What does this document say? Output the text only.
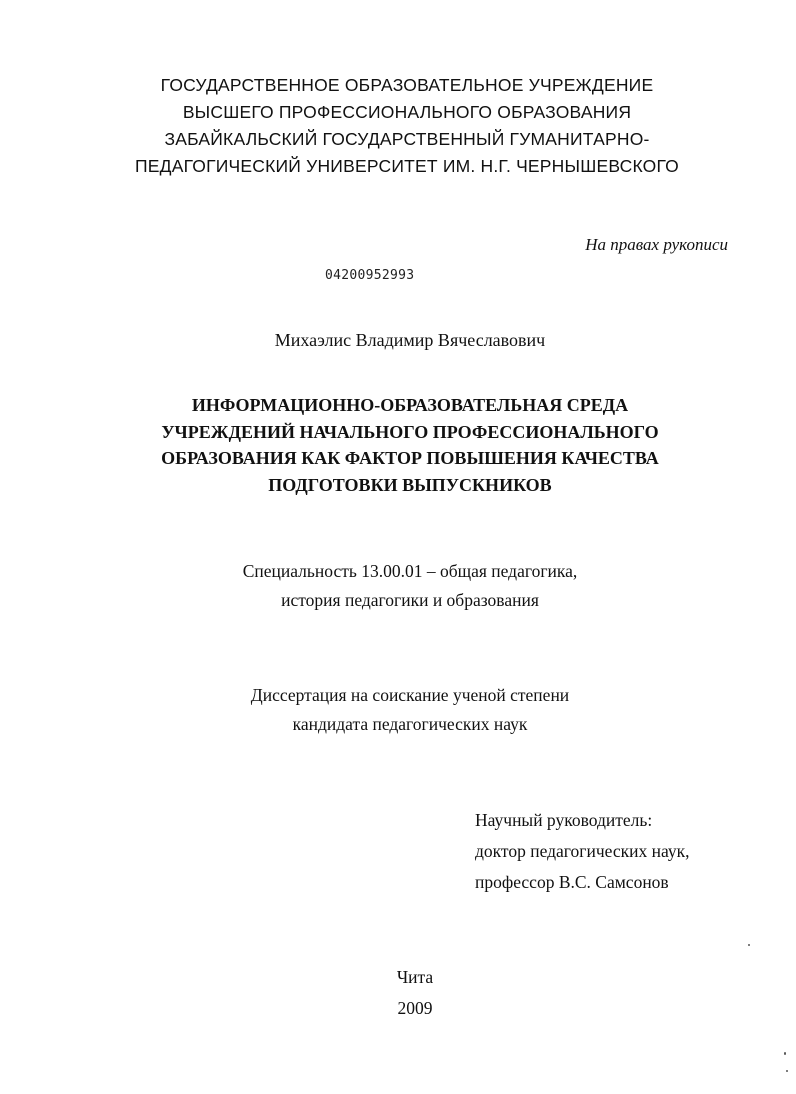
ГОСУДАРСТВЕННОЕ ОБРАЗОВАТЕЛЬНОЕ УЧРЕЖДЕНИЕ
ВЫСШЕГО ПРОФЕССИОНАЛЬНОГО ОБРАЗОВАНИЯ
ЗАБАЙКАЛЬСКИЙ ГОСУДАРСТВЕННЫЙ ГУМАНИТАРНО-
ПЕДАГОГИЧЕСКИЙ УНИВЕРСИТЕТ ИМ. Н.Г. ЧЕРНЫШЕВСКОГО
На правах рукописи
04200952993
Михаэлис Владимир Вячеславович
ИНФОРМАЦИОННО-ОБРАЗОВАТЕЛЬНАЯ СРЕДА
УЧРЕЖДЕНИЙ НАЧАЛЬНОГО ПРОФЕССИОНАЛЬНОГО
ОБРАЗОВАНИЯ КАК ФАКТОР ПОВЫШЕНИЯ КАЧЕСТВА
ПОДГОТОВКИ ВЫПУСКНИКОВ
Специальность 13.00.01 – общая педагогика,
история педагогики и образования
Диссертация на соискание ученой степени
кандидата педагогических наук
Научный руководитель:
доктор педагогических наук,
профессор В.С. Самсонов
Чита
2009
